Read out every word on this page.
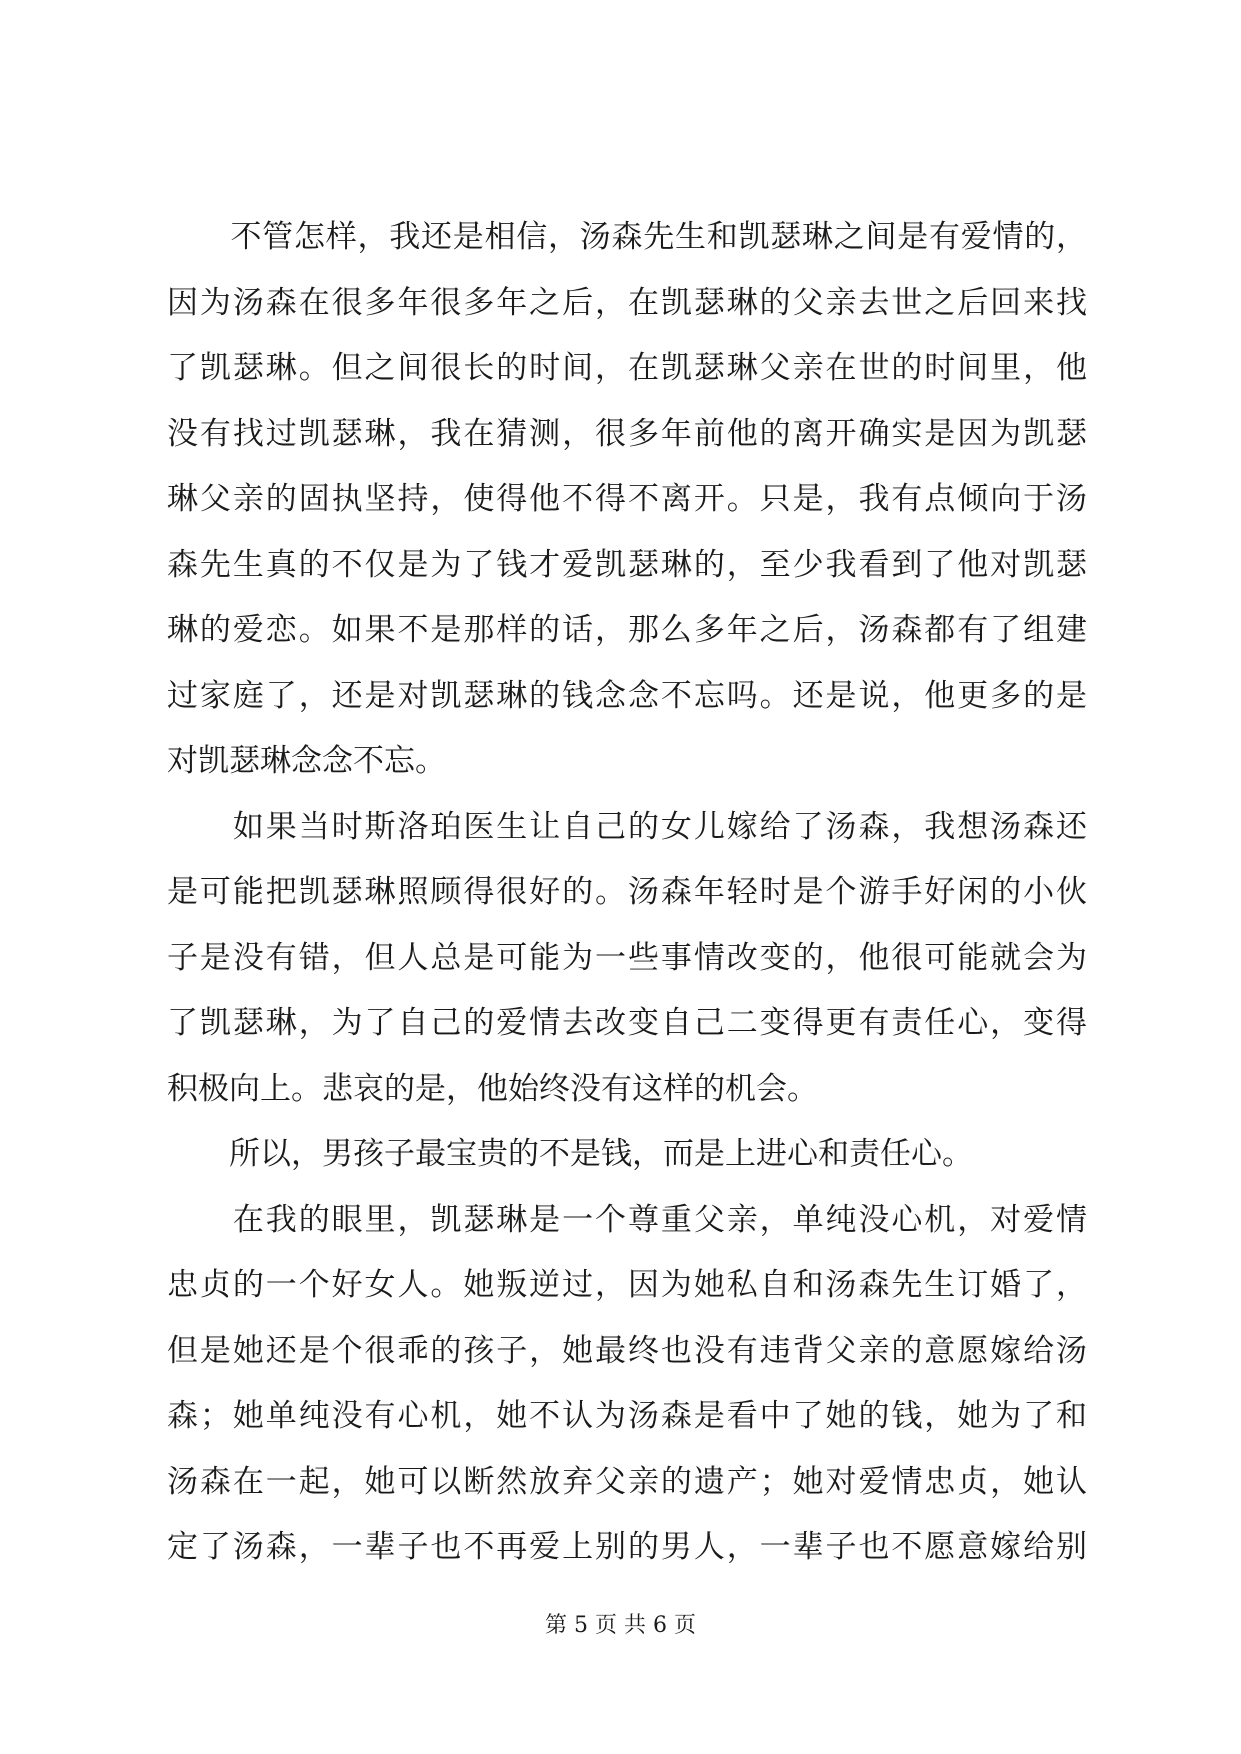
　　不管怎样，我还是相信，汤森先生和凯瑟琳之间是有爱情的，
因为汤森在很多年很多年之后，在凯瑟琳的父亲去世之后回来找
了凯瑟琳。但之间很长的时间，在凯瑟琳父亲在世的时间里，他
没有找过凯瑟琳，我在猜测，很多年前他的离开确实是因为凯瑟
琳父亲的固执坚持，使得他不得不离开。只是，我有点倾向于汤
森先生真的不仅是为了钱才爱凯瑟琳的，至少我看到了他对凯瑟
琳的爱恋。如果不是那样的话，那么多年之后，汤森都有了组建
过家庭了，还是对凯瑟琳的钱念念不忘吗。还是说，他更多的是
对凯瑟琳念念不忘。
　　如果当时斯洛珀医生让自己的女儿嫁给了汤森，我想汤森还
是可能把凯瑟琳照顾得很好的。汤森年轻时是个游手好闲的小伙
子是没有错，但人总是可能为一些事情改变的，他很可能就会为
了凯瑟琳，为了自己的爱情去改变自己二变得更有责任心，变得
积极向上。悲哀的是，他始终没有这样的机会。
　　所以，男孩子最宝贵的不是钱，而是上进心和责任心。
　　在我的眼里，凯瑟琳是一个尊重父亲，单纯没心机，对爱情
忠贞的一个好女人。她叛逆过，因为她私自和汤森先生订婚了，
但是她还是个很乖的孩子，她最终也没有违背父亲的意愿嫁给汤
森；她单纯没有心机，她不认为汤森是看中了她的钱，她为了和
汤森在一起，她可以断然放弃父亲的遗产；她对爱情忠贞，她认
定了汤森，一辈子也不再爱上别的男人，一辈子也不愿意嫁给别
第 5 页 共 6 页
